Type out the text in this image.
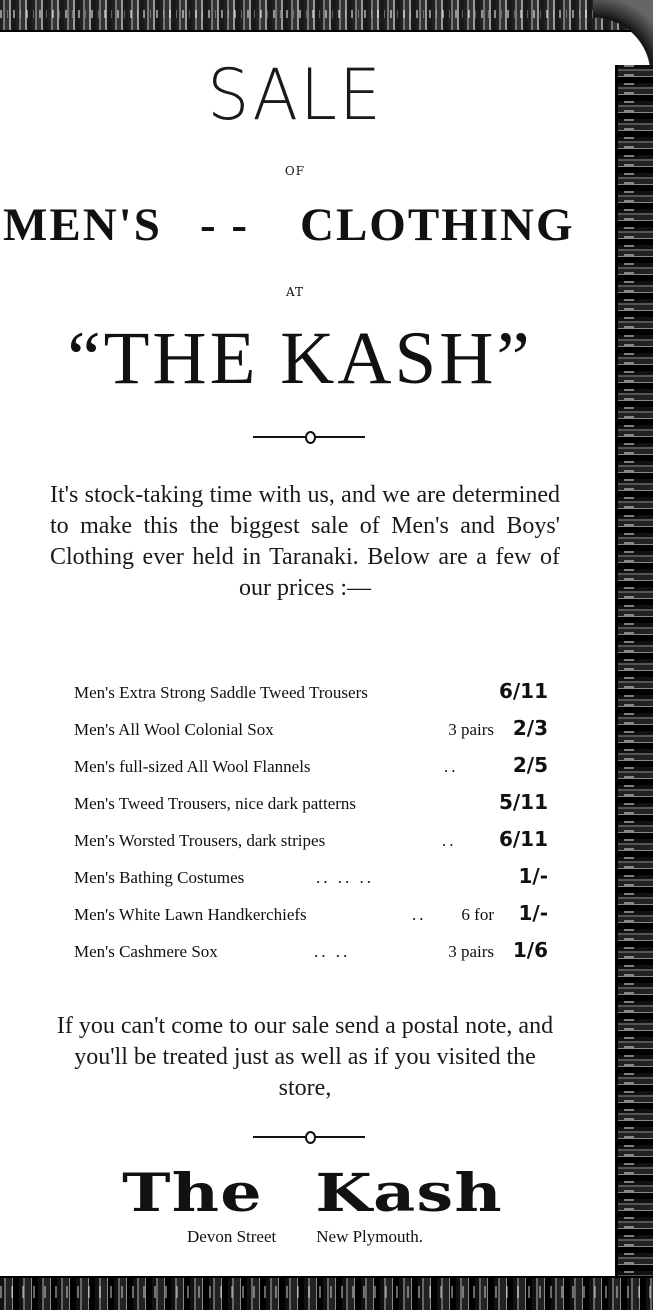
SALE
OF
MEN'S - - CLOTHING
AT
“THE KASH”
It's stock-taking time with us, and we are determined to make this the biggest sale of Men's and Boys' Clothing ever held in Taranaki. Below are a few of our prices :—
Men's Extra Strong Saddle Tweed Trousers	6/11
Men's All Wool Colonial Sox	3 pairs 2/3
Men's full-sized All Wool Flannels	..	2/5
Men's Tweed Trousers, nice dark patterns	5/11
Men's Worsted Trousers, dark stripes	.. 6/11
Men's Bathing Costumes	.. .. ..	1/-
Men's White Lawn Handkerchiefs	.. 6 for 1/-
Men's Cashmere Sox	.. ..	3 pairs 1/6
If you can't come to our sale send a postal note, and you'll be treated just as well as if you visited the store,
The Kash
Devon Street New Plymouth.
